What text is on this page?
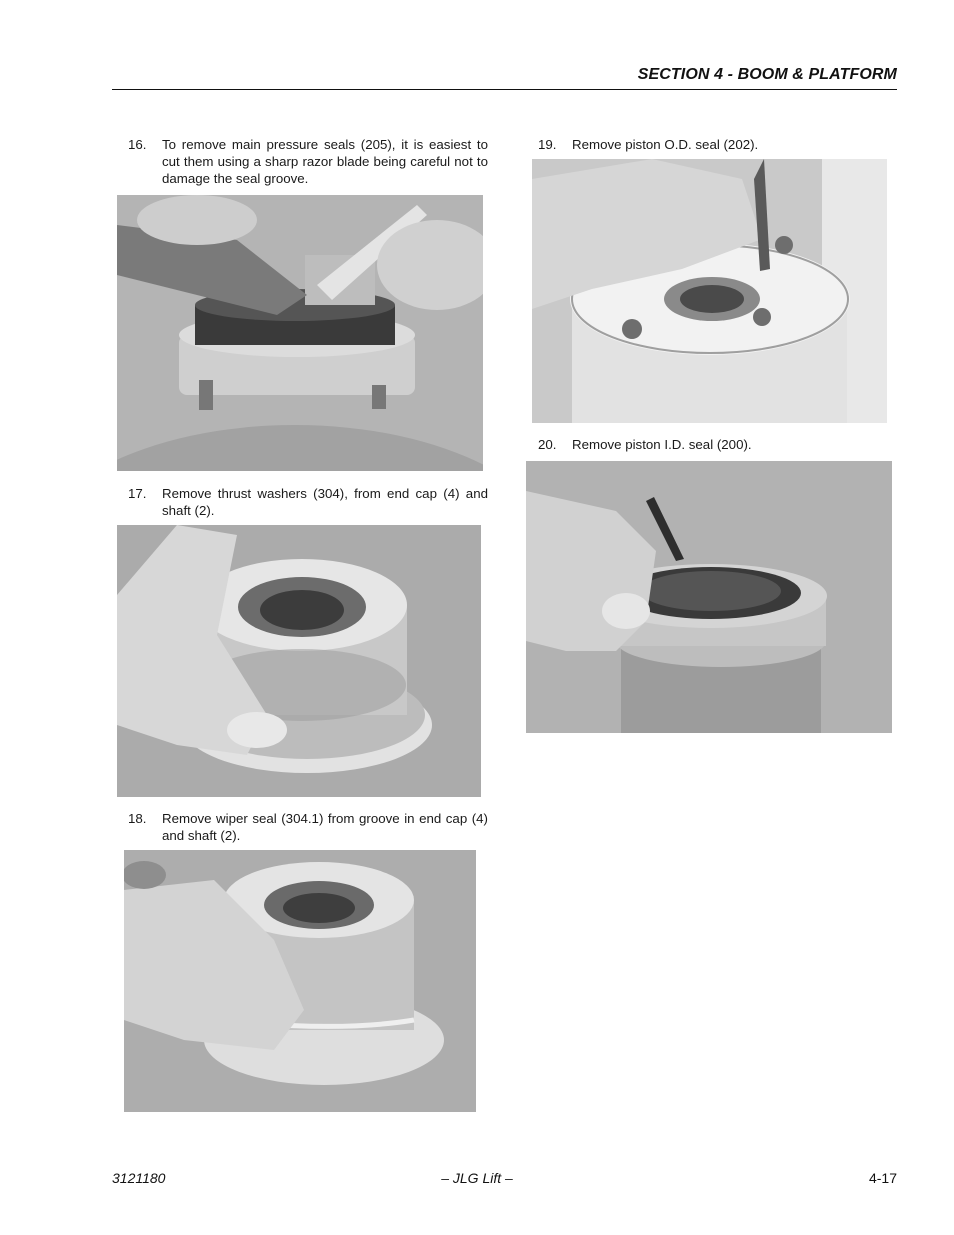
SECTION 4 - BOOM & PLATFORM
16. To remove main pressure seals (205), it is easiest to cut them using a sharp razor blade being careful not to damage the seal groove.
17. Remove thrust washers (304), from end cap (4) and shaft (2).
18. Remove wiper seal (304.1) from groove in end cap (4) and shaft (2).
19. Remove piston O.D. seal (202).
20. Remove piston I.D. seal (200).
3121180	– JLG Lift –	4-17
